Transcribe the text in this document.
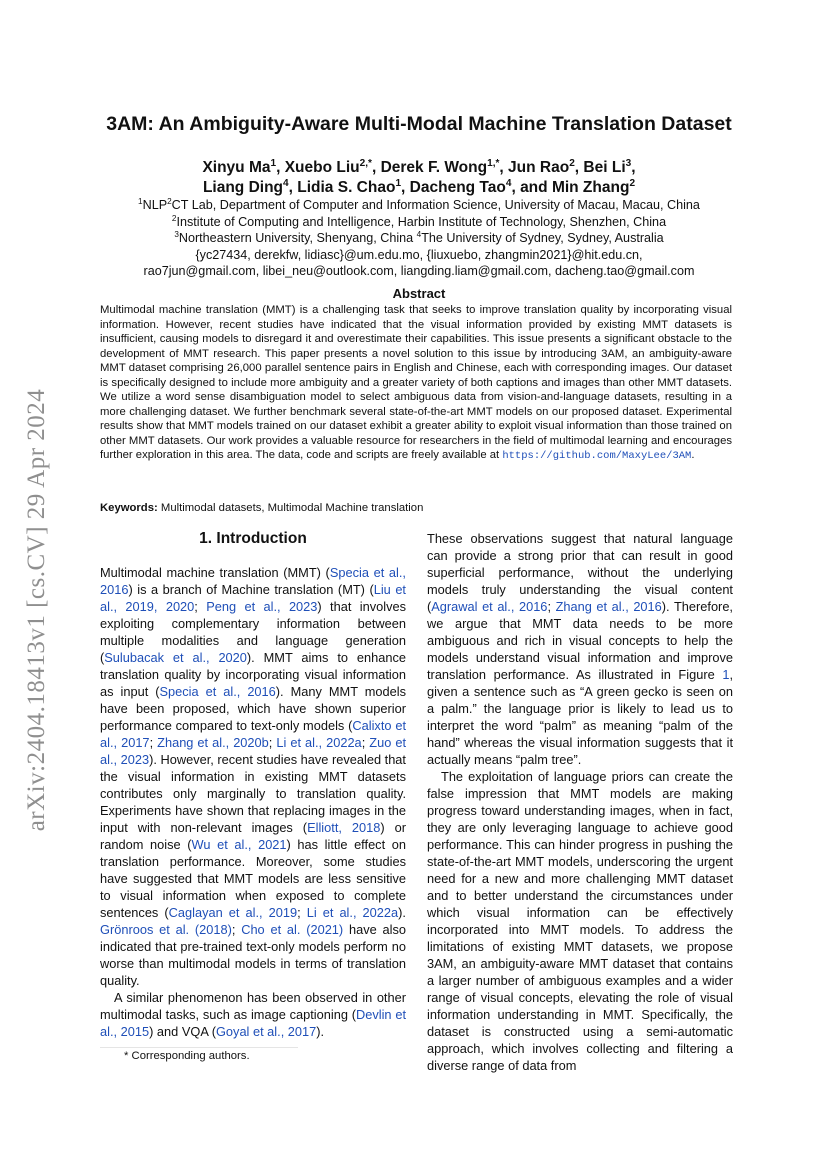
arXiv:2404.18413v1 [cs.CV] 29 Apr 2024
3AM: An Ambiguity-Aware Multi-Modal Machine Translation Dataset
Xinyu Ma$^1$, Xuebo Liu$^{2,*}$, Derek F. Wong$^{1,*}$, Jun Rao$^2$, Bei Li$^3$,
Liang Ding$^4$, Lidia S. Chao$^1$, Dacheng Tao$^4$, and Min Zhang$^2$
$^1$NLP$^2$CT Lab, Department of Computer and Information Science, University of Macau, Macau, China
$^2$Institute of Computing and Intelligence, Harbin Institute of Technology, Shenzhen, China
$^3$Northeastern University, Shenyang, China $^4$The University of Sydney, Sydney, Australia
{yc27434, derekfw, lidiasc}@um.edu.mo, {liuxuebo, zhangmin2021}@hit.edu.cn,
rao7jun@gmail.com, libei_neu@outlook.com, liangding.liam@gmail.com, dacheng.tao@gmail.com
Abstract

Multimodal machine translation (MMT) is a challenging task that seeks to improve translation quality by incorporating visual information. However, recent studies have indicated that the visual information provided by existing MMT datasets is insufficient, causing models to disregard it and overestimate their capabilities. This issue presents a significant obstacle to the development of MMT research. This paper presents a novel solution to this issue by introducing 3AM, an ambiguity-aware MMT dataset comprising 26,000 parallel sentence pairs in English and Chinese, each with corresponding images. Our dataset is specifically designed to include more ambiguity and a greater variety of both captions and images than other MMT datasets. We utilize a word sense disambiguation model to select ambiguous data from vision-and-language datasets, resulting in a more challenging dataset. We further benchmark several state-of-the-art MMT models on our proposed dataset. Experimental results show that MMT models trained on our dataset exhibit a greater ability to exploit visual information than those trained on other MMT datasets. Our work provides a valuable resource for researchers in the field of multimodal learning and encourages further exploration in this area. The data, code and scripts are freely available at https://github.com/MaxyLee/3AM.

Keywords: Multimodal datasets, Multimodal Machine translation

1. Introduction

Multimodal machine translation (MMT) (Specia et al., 2016) is a branch of Machine translation (MT) (Liu et al., 2019, 2020; Peng et al., 2023) that involves exploiting complementary information between multiple modalities and language generation (Sulubacak et al., 2020). MMT aims to enhance translation quality by incorporating visual information as input (Specia et al., 2016). Many MMT models have been proposed, which have shown superior performance compared to text-only models (Calixto et al., 2017; Zhang et al., 2020b; Li et al., 2022a; Zuo et al., 2023). However, recent studies have revealed that the visual information in existing MMT datasets contributes only marginally to translation quality. Experiments have shown that replacing images in the input with non-relevant images (Elliott, 2018) or random noise (Wu et al., 2021) has little effect on translation performance. Moreover, some studies have suggested that MMT models are less sensitive to visual information when exposed to complete sentences (Caglayan et al., 2019; Li et al., 2022a). Grönroos et al. (2018); Cho et al. (2021) have also indicated that pre-trained text-only models perform no worse than multimodal models in terms of translation quality.

A similar phenomenon has been observed in other multimodal tasks, such as image captioning (Devlin et al., 2015) and VQA (Goyal et al., 2017).

These observations suggest that natural language can provide a strong prior that can result in good superficial performance, without the underlying models truly understanding the visual content (Agrawal et al., 2016; Zhang et al., 2016). Therefore, we argue that MMT data needs to be more ambiguous and rich in visual concepts to help the models understand visual information and improve translation performance. As illustrated in Figure 1, given a sentence such as “A green gecko is seen on a palm.” the language prior is likely to lead us to interpret the word “palm” as meaning “palm of the hand” whereas the visual information suggests that it actually means “palm tree”.

The exploitation of language priors can create the false impression that MMT models are making progress toward understanding images, when in fact, they are only leveraging language to achieve good performance. This can hinder progress in pushing the state-of-the-art MMT models, underscoring the urgent need for a new and more challenging MMT dataset and to better understand the circumstances under which visual information can be effectively incorporated into MMT models. To address the limitations of existing MMT datasets, we propose 3AM, an ambiguity-aware MMT dataset that contains a larger number of ambiguous examples and a wider range of visual concepts, elevating the role of visual information understanding in MMT. Specifically, the dataset is constructed using a semi-automatic approach, which involves collecting and filtering a diverse range of data from

* Corresponding authors.
